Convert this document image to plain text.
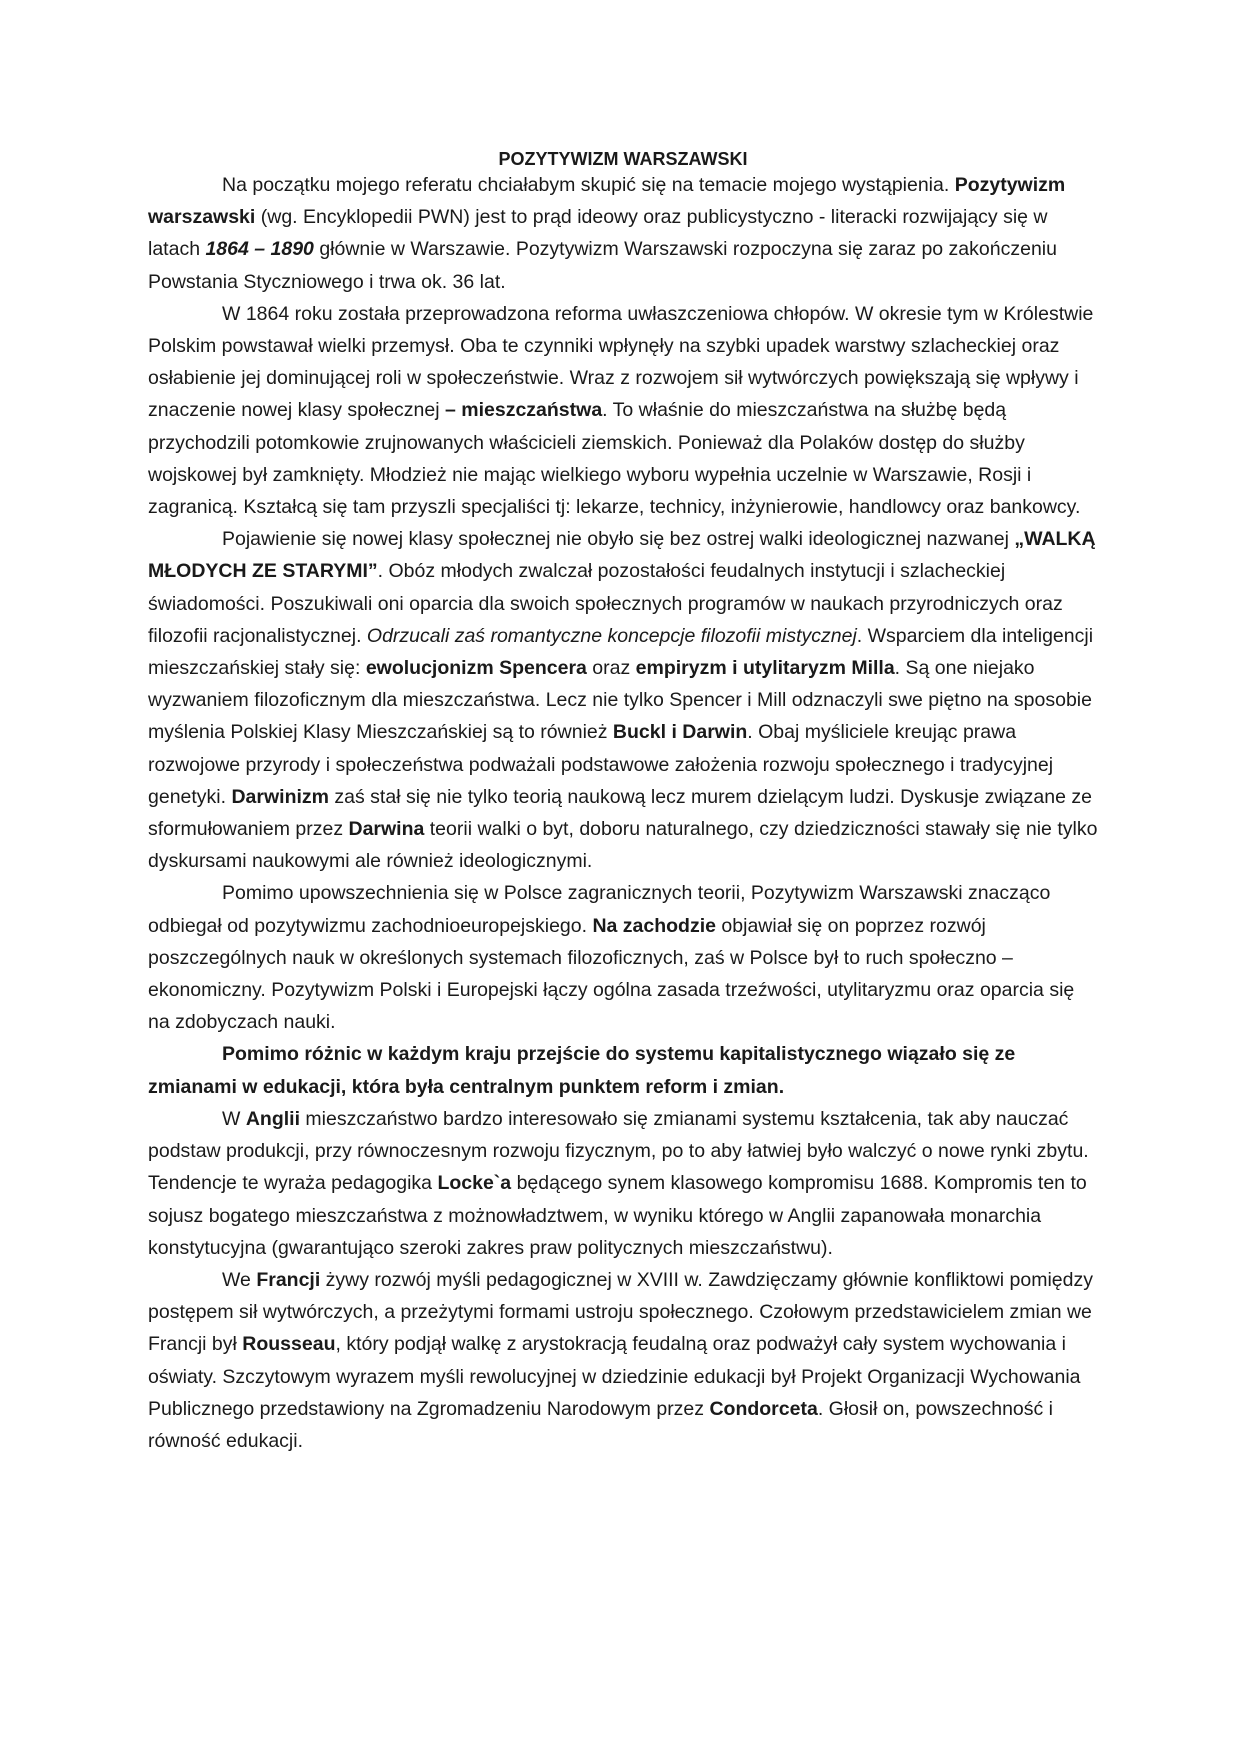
POZYTYWIZM WARSZAWSKI

Na początku mojego referatu chciałabym skupić się na temacie mojego wystąpienia. Pozytywizm warszawski (wg. Encyklopedii PWN) jest to prąd ideowy oraz publicystyczno - literacki rozwijający się w latach 1864 – 1890 głównie w Warszawie. Pozytywizm Warszawski rozpoczyna się zaraz po zakończeniu Powstania Styczniowego i trwa ok. 36 lat.

W 1864 roku została przeprowadzona reforma uwłaszczeniowa chłopów. W okresie tym w Królestwie Polskim powstawał wielki przemysł. Oba te czynniki wpłynęły na szybki upadek warstwy szlacheckiej oraz osłabienie jej dominującej roli w społeczeństwie. Wraz z rozwojem sił wytwórczych powiększają się wpływy i znaczenie nowej klasy społecznej – mieszczaństwa. To właśnie do mieszczaństwa na służbę będą przychodzili potomkowie zrujnowanych właścicieli ziemskich. Ponieważ dla Polaków dostęp do służby wojskowej był zamknięty. Młodzież nie mając wielkiego wyboru wypełnia uczelnie w Warszawie, Rosji i zagranicą. Kształcą się tam przyszli specjaliści tj: lekarze, technicy, inżynierowie, handlowcy oraz bankowcy.

Pojawienie się nowej klasy społecznej nie obyło się bez ostrej walki ideologicznej nazwanej „WALKĄ MŁODYCH ZE STARYMI”. Obóz młodych zwalczał pozostałości feudalnych instytucji i szlacheckiej świadomości. Poszukiwali oni oparcia dla swoich społecznych programów w naukach przyrodniczych oraz filozofii racjonalistycznej. Odrzucali zaś romantyczne koncepcje filozofii mistycznej. Wsparciem dla inteligencji mieszczańskiej stały się: ewolucjonizm Spencera oraz empiryzm i utylitaryzm Milla. Są one niejako wyzwaniem filozoficznym dla mieszczaństwa. Lecz nie tylko Spencer i Mill odznaczyli swe piętno na sposobie myślenia Polskiej Klasy Mieszczańskiej są to również Buckl i Darwin. Obaj myśliciele kreując prawa rozwojowe przyrody i społeczeństwa podważali podstawowe założenia rozwoju społecznego i tradycyjnej genetyki. Darwinizm zaś stał się nie tylko teorią naukową lecz murem dzielącym ludzi. Dyskusje związane ze sformułowaniem przez Darwina teorii walki o byt, doboru naturalnego, czy dziedziczności stawały się nie tylko dyskursami naukowymi ale również ideologicznymi.

Pomimo upowszechnienia się w Polsce zagranicznych teorii, Pozytywizm Warszawski znacząco odbiegał od pozytywizmu zachodnioeuropejskiego. Na zachodzie objawiał się on poprzez rozwój poszczególnych nauk w określonych systemach filozoficznych, zaś w Polsce był to ruch społeczno – ekonomiczny. Pozytywizm Polski i Europejski łączy ogólna zasada trzeźwości, utylitaryzmu oraz oparcia się na zdobyczach nauki.

Pomimo różnic w każdym kraju przejście do systemu kapitalistycznego wiązało się ze zmianami w edukacji, która była centralnym punktem reform i zmian.

W Anglii mieszczaństwo bardzo interesowało się zmianami systemu kształcenia, tak aby nauczać podstaw produkcji, przy równoczesnym rozwoju fizycznym, po to aby łatwiej było walczyć o nowe rynki zbytu. Tendencje te wyraża pedagogika Locke`a będącego synem klasowego kompromisu 1688. Kompromis ten to sojusz bogatego mieszczaństwa z możnowładztwem, w wyniku którego w Anglii zapanowała monarchia konstytucyjna (gwarantująco szeroki zakres praw politycznych mieszczaństwu).

We Francji żywy rozwój myśli pedagogicznej w XVIII w. Zawdzięczamy głównie konfliktowi pomiędzy postępem sił wytwórczych, a przeżytymi formami ustroju społecznego. Czołowym przedstawicielem zmian we Francji był Rousseau, który podjął walkę z arystokracją feudalną oraz podważył cały system wychowania i oświaty. Szczytowym wyrazem myśli rewolucyjnej w dziedzinie edukacji był Projekt Organizacji Wychowania Publicznego przedstawiony na Zgromadzeniu Narodowym przez Condorceta. Głosił on, powszechność i równość edukacji.
